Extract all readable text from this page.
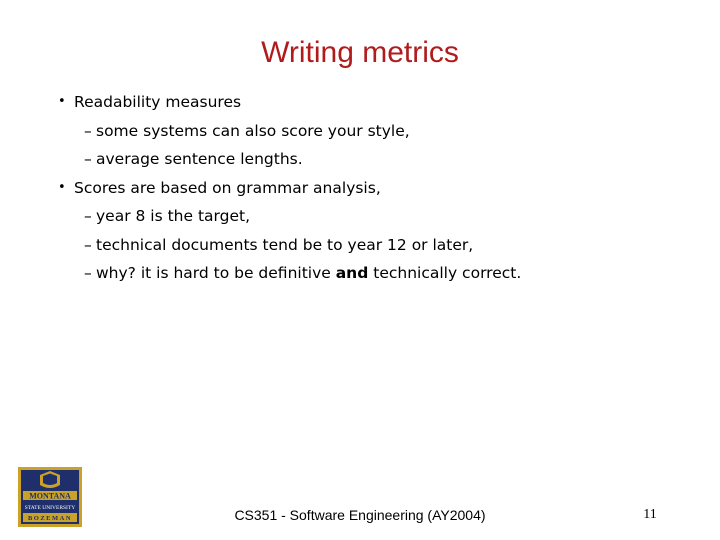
Writing metrics
• Readability measures
– some systems can also score your style,
– average sentence lengths.
• Scores are based on grammar analysis,
– year 8 is the target,
– technical documents tend be to year 12 or later,
– why? it is hard to be definitive and technically correct.
MONTANA
STATE UNIVERSITY
BOZEMAN	CS351 - Software Engineering (AY2004)	11
